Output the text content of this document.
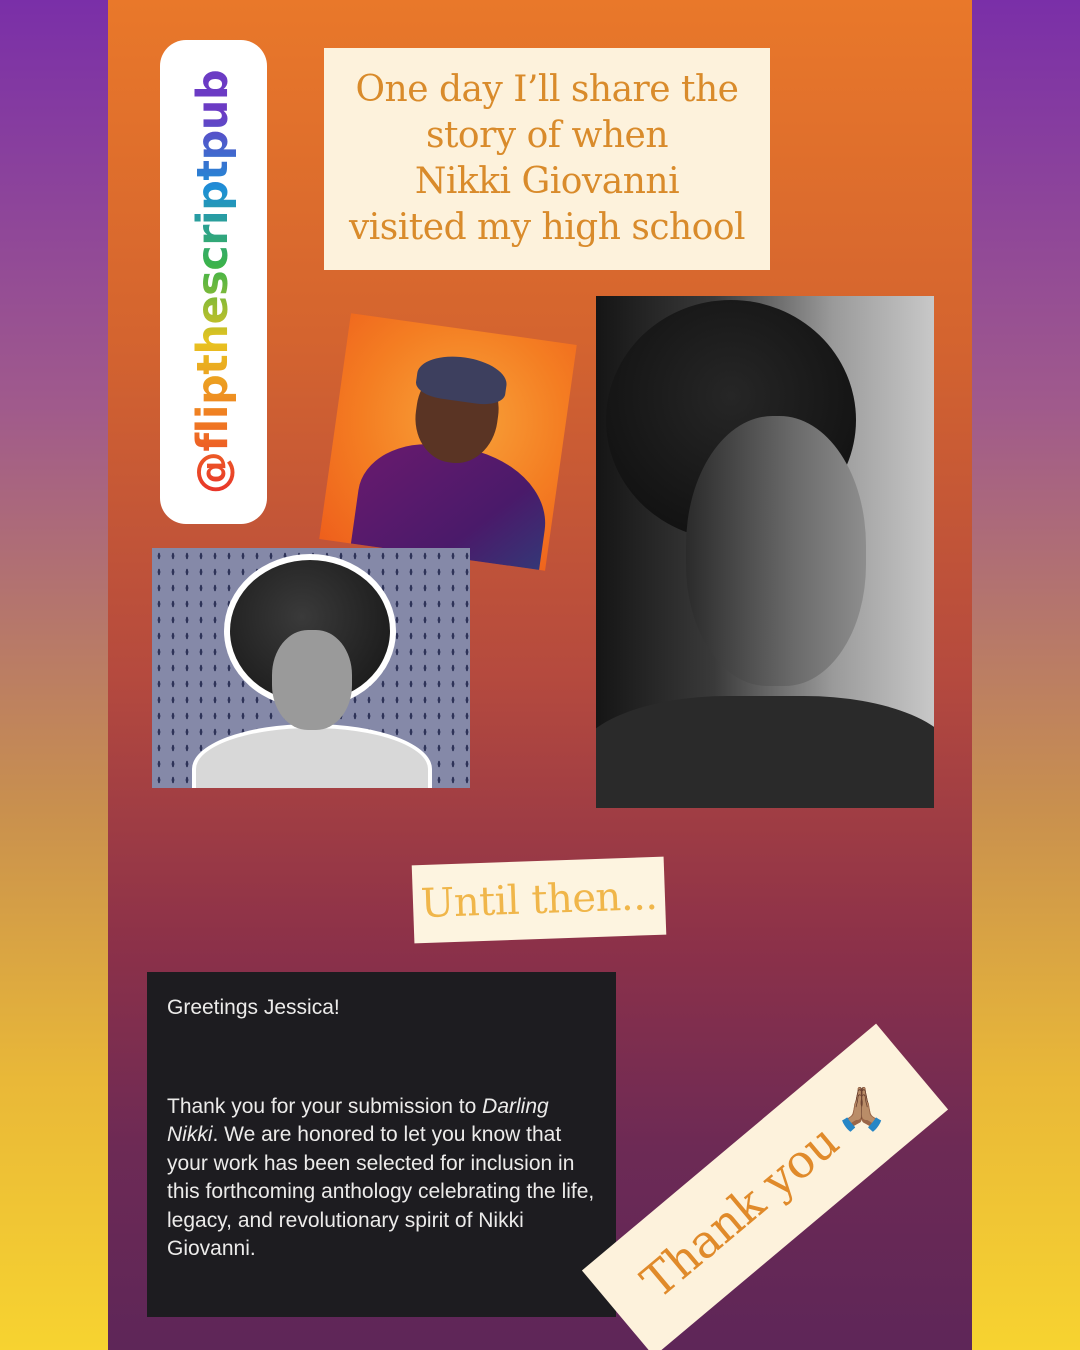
@flipthescriptpub	One day I’ll share the
story of when
Nikki Giovanni
visited my high school
Until then...
Greetings Jessica!

Thank you for your submission to Darling Nikki. We are honored to let you know that your work has been selected for inclusion in this forthcoming anthology celebrating the life, legacy, and revolutionary spirit of Nikki Giovanni.	Thank you
🙏🏽
